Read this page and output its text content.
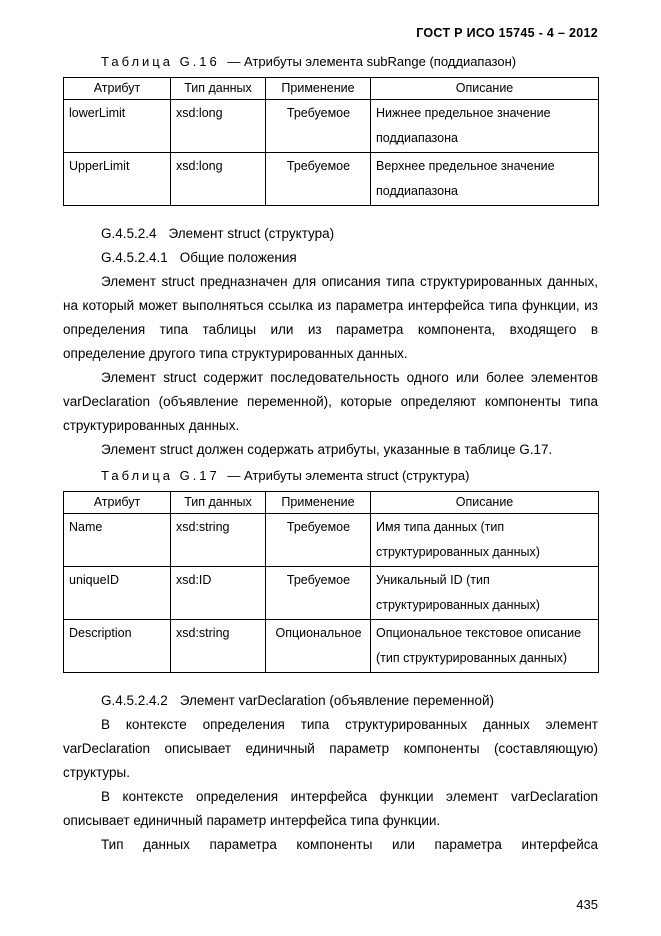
ГОСТ Р ИСО 15745 - 4 – 2012

Таблица G.16 — Атрибуты элемента subRange (поддиапазон)

Атрибут	Тип данных	Применение	Описание
lowerLimit	xsd:long	Требуемое	Нижнее предельное значение поддиапазона
UpperLimit	xsd:long	Требуемое	Верхнее предельное значение поддиапазона

G.4.5.2.4 Элемент struct (структура)

G.4.5.2.4.1 Общие положения

Элемент struct предназначен для описания типа структурированных данных, на который может выполняться ссылка из параметра интерфейса типа функции, из определения типа таблицы или из параметра компонента, входящего в определение другого типа структурированных данных.

Элемент struct содержит последовательность одного или более элементов varDeclaration (объявление переменной), которые определяют компоненты типа структурированных данных.

Элемент struct должен содержать атрибуты, указанные в таблице G.17.

Таблица G.17 — Атрибуты элемента struct (структура)

Атрибут	Тип данных	Применение	Описание
Name	xsd:string	Требуемое	Имя типа данных (тип структурированных данных)
uniqueID	xsd:ID	Требуемое	Уникальный ID (тип структурированных данных)
Description	xsd:string	Опциональное	Опциональное текстовое описание (тип структурированных данных)

G.4.5.2.4.2 Элемент varDeclaration (объявление переменной)

В контексте определения типа структурированных данных элемент varDeclaration описывает единичный параметр компоненты (составляющую) структуры.

В контексте определения интерфейса функции элемент varDeclaration описывает единичный параметр интерфейса типа функции.

Тип данных параметра компоненты или параметра интерфейса

435
